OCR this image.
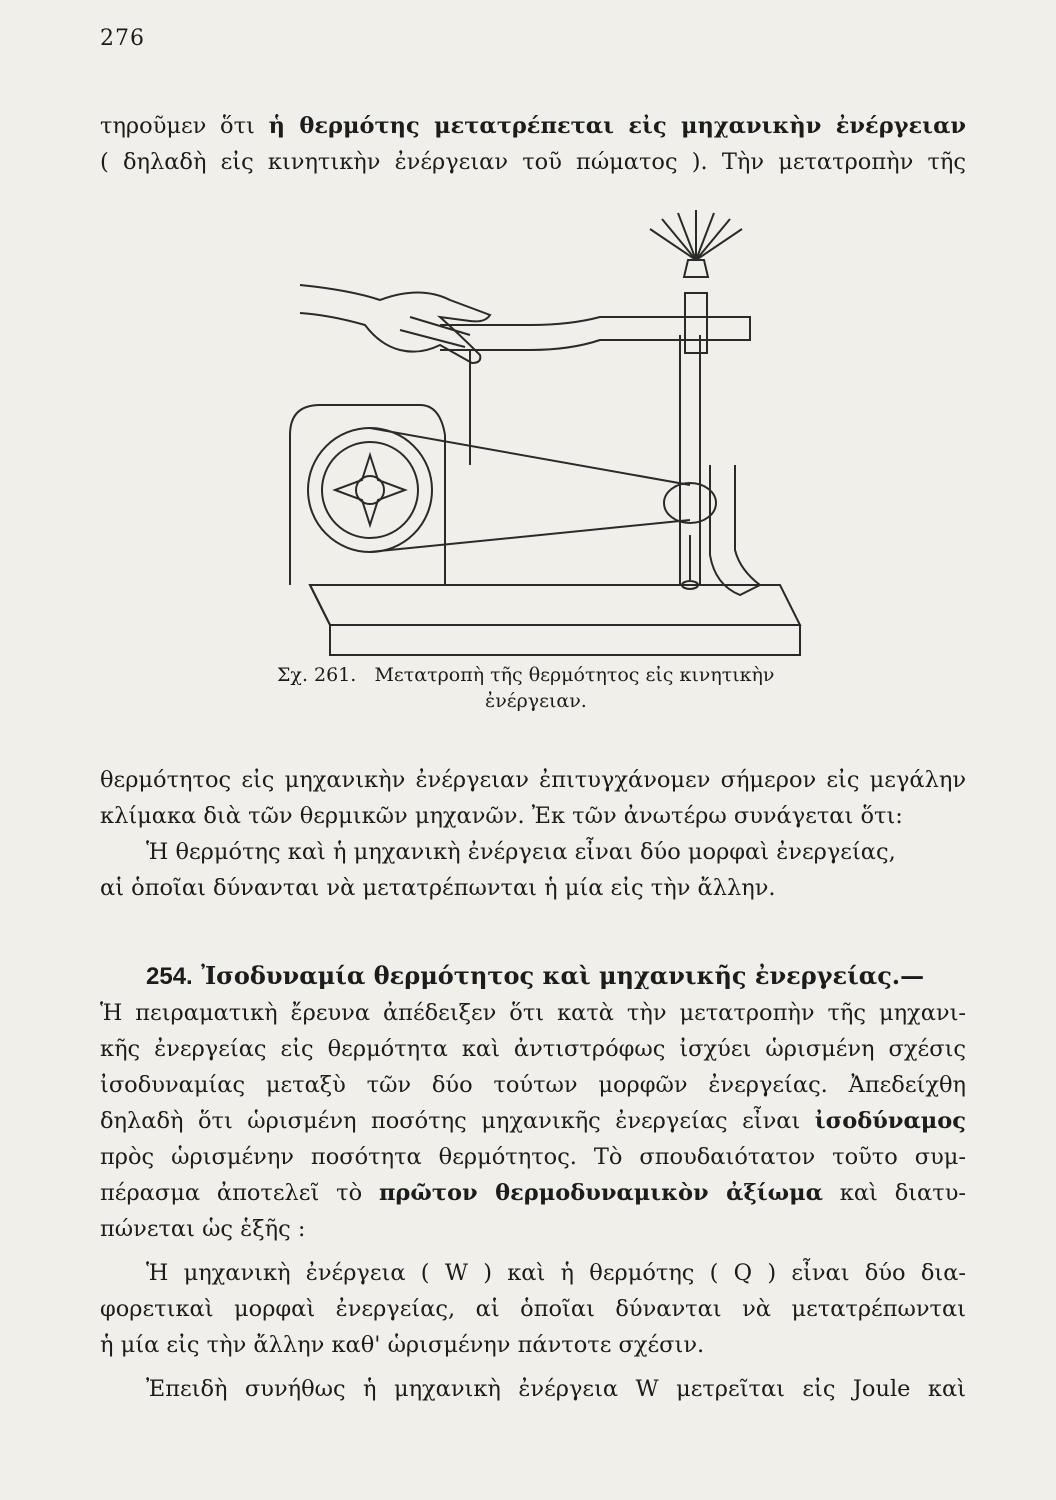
276
τηροῦμεν ὅτι ἡ θερμότης μετατρέπεται εἰς μηχανικὴν ἐνέργειαν
( δηλαδὴ εἰς κινητικὴν ἐνέργειαν τοῦ πώματος ). Τὴν μετατροπὴν τῆς
Σχ. 261. Μετατροπὴ τῆς θερμότητος εἰς κινητικὴν
ἐνέργειαν.
θερμότητος εἰς μηχανικὴν ἐνέργειαν ἐπιτυγχάνομεν σήμερον εἰς μεγάλην
κλίμακα διὰ τῶν θερμικῶν μηχανῶν. Ἐκ τῶν ἀνωτέρω συνάγεται ὅτι:
Ἡ θερμότης καὶ ἡ μηχανικὴ ἐνέργεια εἶναι δύο μορφαὶ ἐνεργείας,
αἱ ὁποῖαι δύνανται νὰ μετατρέπωνται ἡ μία εἰς τὴν ἄλλην.
254. Ἰσοδυναμία θερμότητος καὶ μηχανικῆς ἐνεργείας.—
Ἡ πειραματικὴ ἔρευνα ἀπέδειξεν ὅτι κατὰ τὴν μετατροπὴν τῆς μηχανι-
κῆς ἐνεργείας εἰς θερμότητα καὶ ἀντιστρόφως ἰσχύει ὡρισμένη σχέσις
ἰσοδυναμίας μεταξὺ τῶν δύο τούτων μορφῶν ἐνεργείας. Ἀπεδείχθη
δηλαδὴ ὅτι ὡρισμένη ποσότης μηχανικῆς ἐνεργείας εἶναι ἰσοδύναμος
πρὸς ὡρισμένην ποσότητα θερμότητος. Τὸ σπουδαιότατον τοῦτο συμ-
πέρασμα ἀποτελεῖ τὸ πρῶτον θερμοδυναμικὸν ἀξίωμα καὶ διατυ-
πώνεται ὡς ἑξῆς :
Ἡ μηχανικὴ ἐνέργεια ( W ) καὶ ἡ θερμότης ( Q ) εἶναι δύο δια-
φορετικαὶ μορφαὶ ἐνεργείας, αἱ ὁποῖαι δύνανται νὰ μετατρέπωνται
ἡ μία εἰς τὴν ἄλλην καθ' ὡρισμένην πάντοτε σχέσιν.
Ἐπειδὴ συνήθως ἡ μηχανικὴ ἐνέργεια W μετρεῖται εἰς Joule καὶ
